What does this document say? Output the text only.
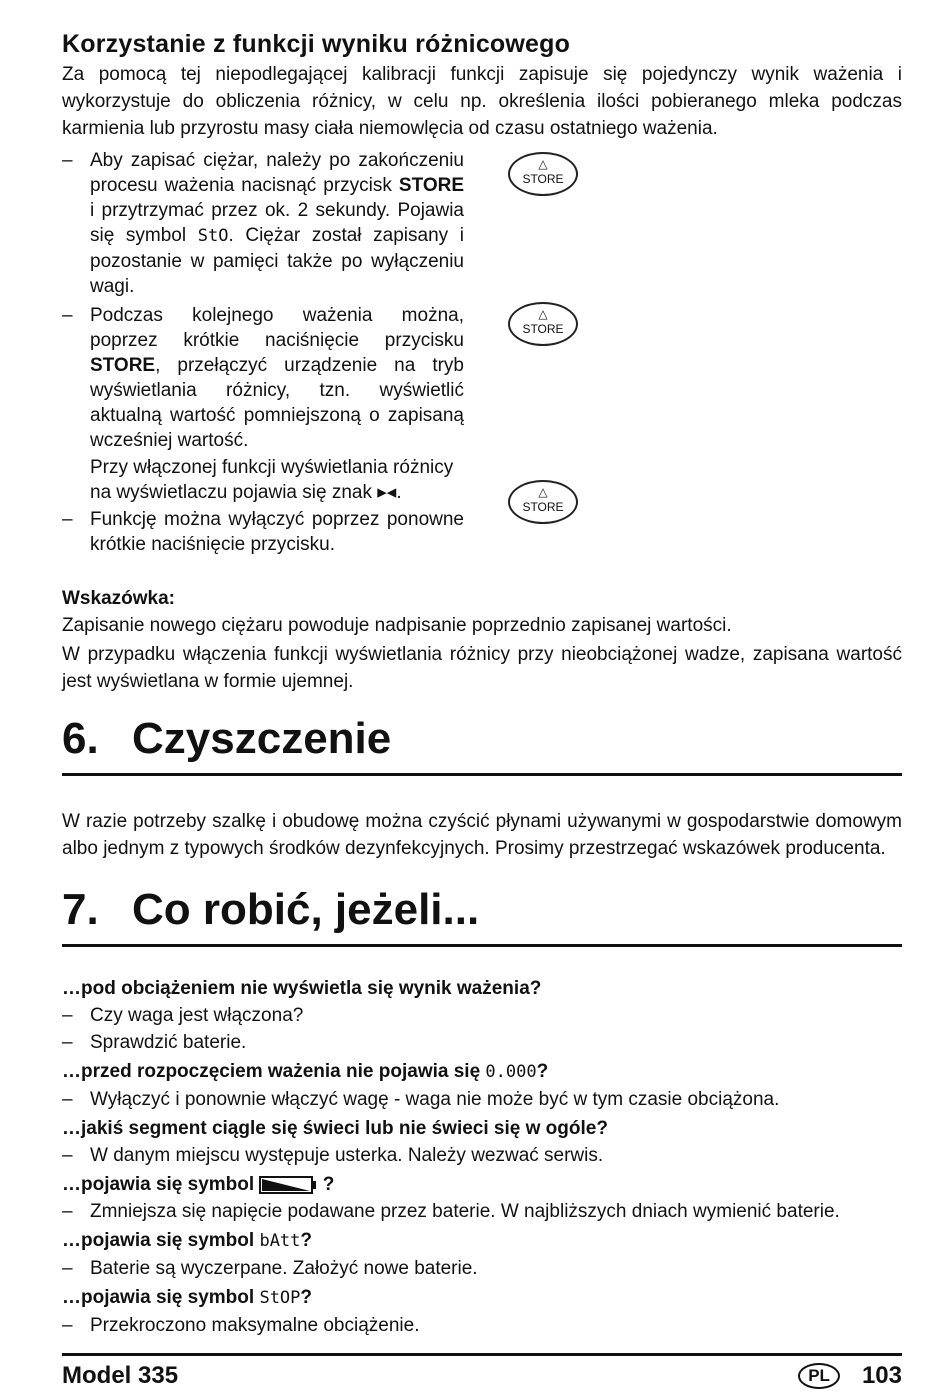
Korzystanie z funkcji wyniku różnicowego

Za pomocą tej niepodlegającej kalibracji funkcji zapisuje się pojedynczy wynik ważenia i wykorzystuje do obliczenia różnicy, w celu np. określenia ilości pobieranego mleka podczas karmienia lub przyrostu masy ciała niemowlęcia od czasu ostatniego ważenia.

– Aby zapisać ciężar, należy po zakończeniu procesu ważenia nacisnąć przycisk STORE i przytrzymać przez ok. 2 sekundy. Pojawia się symbol StO. Ciężar został zapisany i pozostanie w pamięci także po wyłączeniu wagi.
– Podczas kolejnego ważenia można, poprzez krótkie naciśnięcie przycisku STORE, przełączyć urządzenie na tryb wyświetlania różnicy, tzn. wyświetlić aktualną wartość pomniejszoną o zapisaną wcześniej wartość.
Przy włączonej funkcji wyświetlania różnicy na wyświetlaczu pojawia się znak ▸◂.
– Funkcję można wyłączyć poprzez ponowne krótkie naciśnięcie przycisku.
△
STORE
△
STORE
△
STORE
Wskazówka:

Zapisanie nowego ciężaru powoduje nadpisanie poprzednio zapisanej wartości.

W przypadku włączenia funkcji wyświetlania różnicy przy nieobciążonej wadze, zapisana wartość jest wyświetlana w formie ujemnej.

6. Czyszczenie

W razie potrzeby szalkę i obudowę można czyścić płynami używanymi w gospodarstwie domowym albo jednym z typowych środków dezynfekcyjnych. Prosimy przestrzegać wskazówek producenta.

7. Co robić, jeżeli...
…pod obciążeniem nie wyświetla się wynik ważenia?
– Czy waga jest włączona?
– Sprawdzić baterie.
…przed rozpoczęciem ważenia nie pojawia się 0.000?
– Wyłączyć i ponownie włączyć wagę - waga nie może być w tym czasie obciążona.
…jakiś segment ciągle się świeci lub nie świeci się w ogóle?
– W danym miejscu występuje usterka. Należy wezwać serwis.
…pojawia się symbol	?
– Zmniejsza się napięcie podawane przez baterie. W najbliższych dniach wymienić baterie.
…pojawia się symbol bAtt?
– Baterie są wyczerpane. Założyć nowe baterie.
…pojawia się symbol StOP?
– Przekroczono maksymalne obciążenie.
Model 335	PL	103
